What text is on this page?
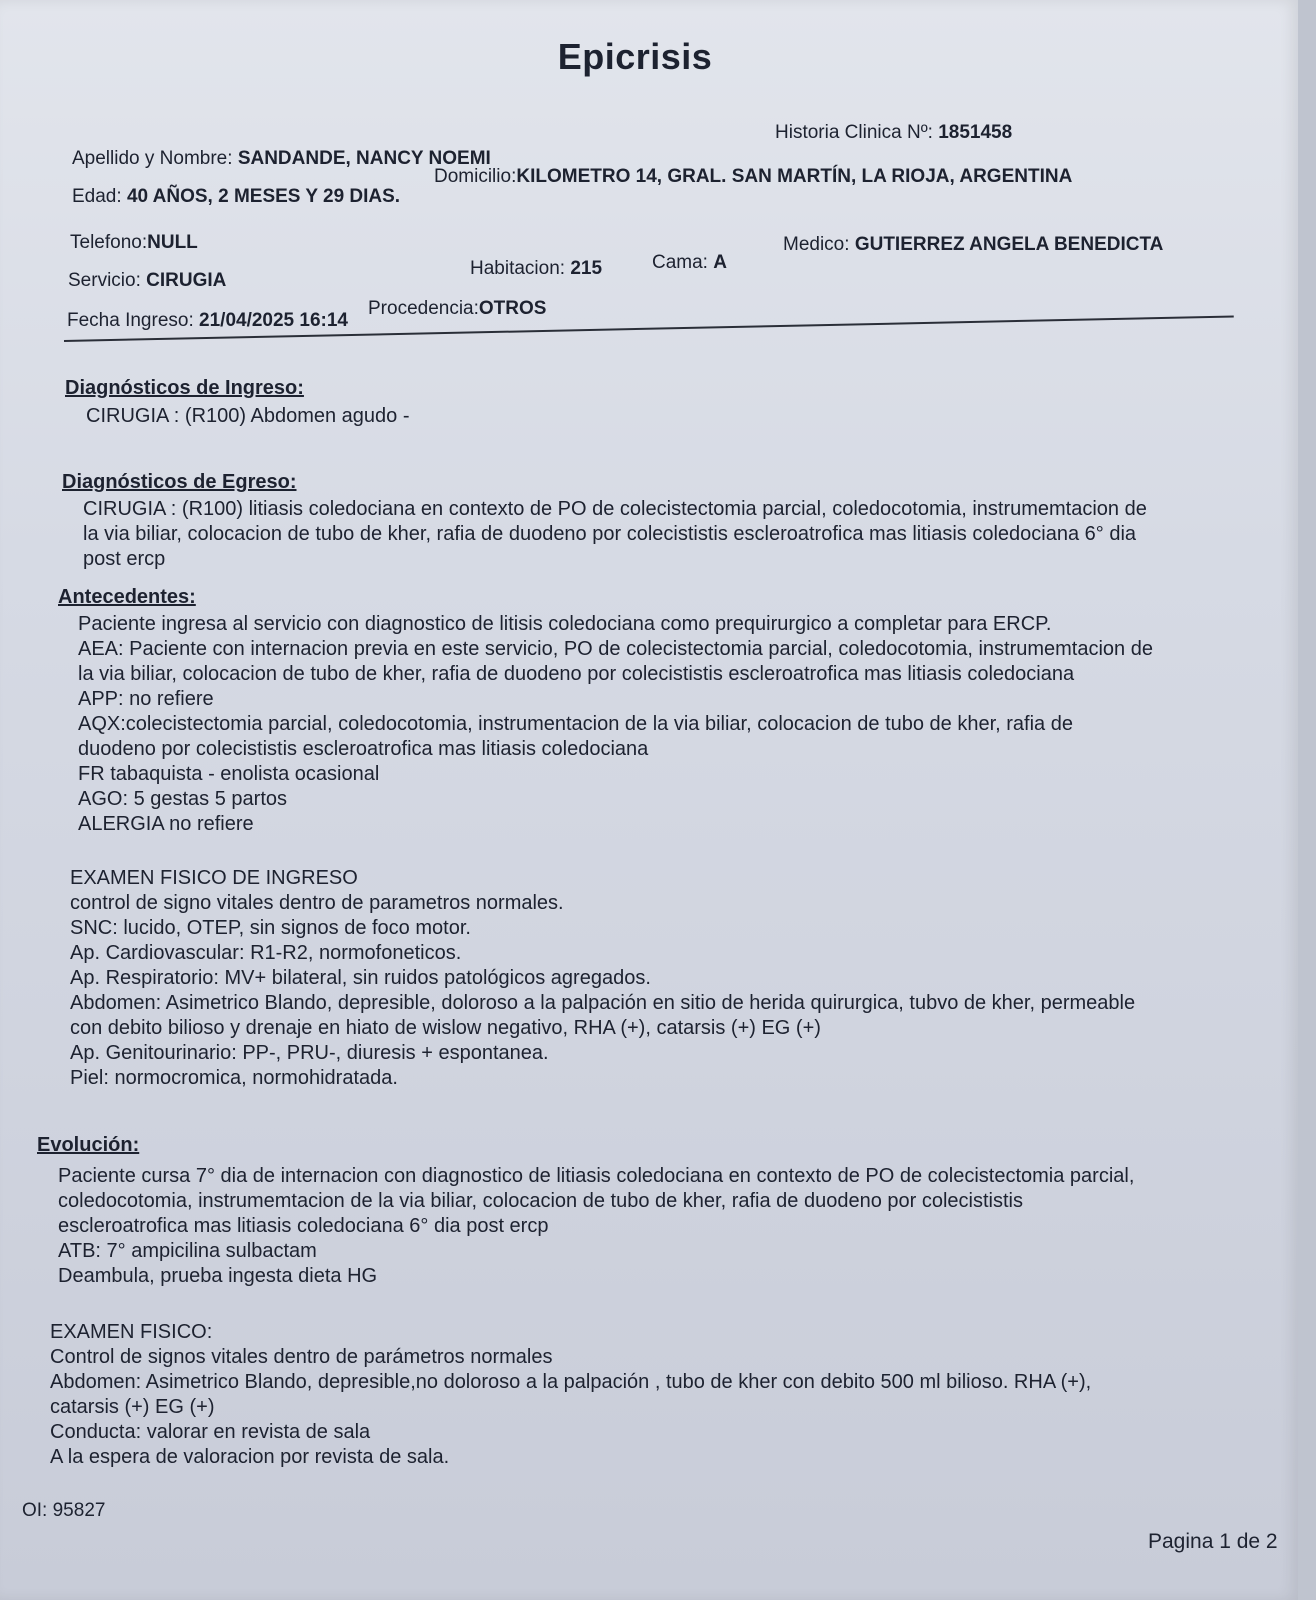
Epicrisis
Historia Clinica Nº: 1851458
Apellido y Nombre: SANDANDE, NANCY NOEMI
Edad: 40 AÑOS, 2 MESES Y 29 DIAS.
Domicilio:KILOMETRO 14, GRAL. SAN MARTÍN, LA RIOJA, ARGENTINA
Telefono:NULL
Servicio: CIRUGIA
Habitacion: 215	Cama: A
Medico: GUTIERREZ ANGELA BENEDICTA
Fecha Ingreso: 21/04/2025 16:14
Procedencia:OTROS
Diagnósticos de Ingreso:
CIRUGIA : (R100) Abdomen agudo -
Diagnósticos de Egreso:
CIRUGIA : (R100) litiasis coledociana en contexto de PO de colecistectomia parcial, coledocotomia, instrumemtacion de
la via biliar, colocacion de tubo de kher, rafia de duodeno por colecististis escleroatrofica mas litiasis coledociana 6° dia
post ercp
Antecedentes:
Paciente ingresa al servicio con diagnostico de litisis coledociana como prequirurgico a completar para ERCP.
AEA: Paciente con internacion previa en este servicio, PO de colecistectomia parcial, coledocotomia, instrumemtacion de
la via biliar, colocacion de tubo de kher, rafia de duodeno por colecististis escleroatrofica mas litiasis coledociana
APP: no refiere
AQX:colecistectomia parcial, coledocotomia, instrumentacion de la via biliar, colocacion de tubo de kher, rafia de
duodeno por colecististis escleroatrofica mas litiasis coledociana
FR tabaquista - enolista ocasional
AGO: 5 gestas 5 partos
ALERGIA no refiere
EXAMEN FISICO DE INGRESO
control de signo vitales dentro de parametros normales.
SNC: lucido, OTEP, sin signos de foco motor.
Ap. Cardiovascular: R1-R2, normofoneticos.
Ap. Respiratorio: MV+ bilateral, sin ruidos patológicos agregados.
Abdomen: Asimetrico Blando, depresible, doloroso a la palpación en sitio de herida quirurgica, tubvo de kher, permeable
con debito bilioso y drenaje en hiato de wislow negativo, RHA (+), catarsis (+) EG (+)
Ap. Genitourinario: PP-, PRU-, diuresis + espontanea.
Piel: normocromica, normohidratada.
Evolución:
Paciente cursa 7° dia de internacion con diagnostico de litiasis coledociana en contexto de PO de colecistectomia parcial,
coledocotomia, instrumemtacion de la via biliar, colocacion de tubo de kher, rafia de duodeno por colecististis
escleroatrofica mas litiasis coledociana 6° dia post ercp
ATB: 7° ampicilina sulbactam
Deambula, prueba ingesta dieta HG
EXAMEN FISICO:
Control de signos vitales dentro de parámetros normales
Abdomen: Asimetrico Blando, depresible,no doloroso a la palpación , tubo de kher con debito 500 ml bilioso. RHA (+),
catarsis (+) EG (+)
Conducta: valorar en revista de sala
A la espera de valoracion por revista de sala.
OI: 95827
Pagina 1 de 2
